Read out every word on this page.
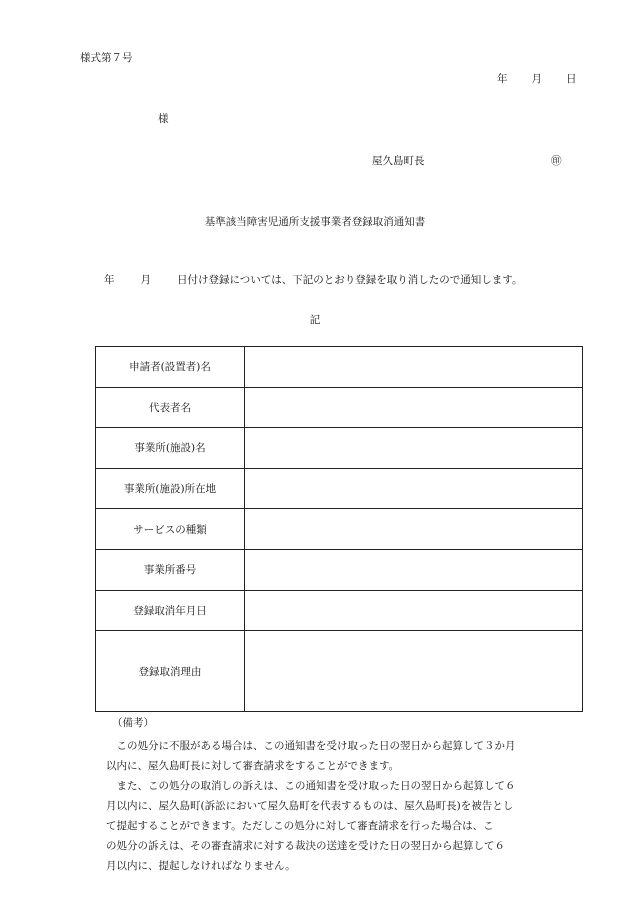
様式第７号
年 月 日
様
屋久島町長	㊞
基準該当障害児通所支援事業者登録取消通知書
年 月 日付け登録については、下記のとおり登録を取り消したので通知します。
記
申請者(設置者)名	
代表者名	
事業所(施設)名	
事業所(施設)所在地	
サービスの種類	
事業所番号	
登録取消年月日	
登録取消理由	
（備考）
　この処分に不服がある場合は、この通知書を受け取った日の翌日から起算して３か月
以内に、屋久島町長に対して審査請求をすることができます。
　また、この処分の取消しの訴えは、この通知書を受け取った日の翌日から起算して６
月以内に、屋久島町(訴訟において屋久島町を代表するものは、屋久島町長)を被告とし
て提起することができます。ただしこの処分に対して審査請求を行った場合は、こ
の処分の訴えは、その審査請求に対する裁決の送達を受けた日の翌日から起算して６
月以内に、提起しなければなりません。
